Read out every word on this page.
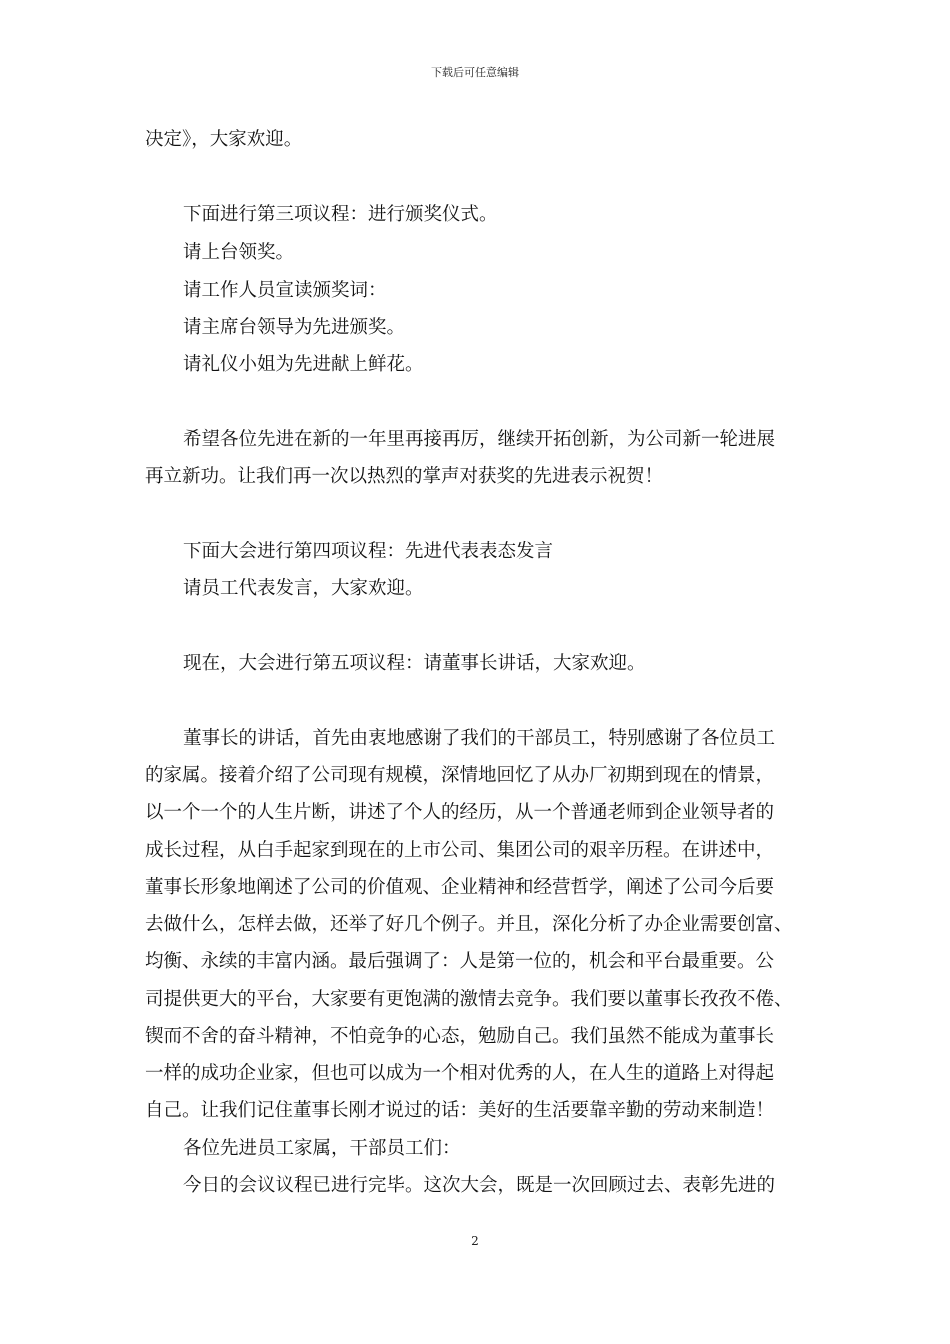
下载后可任意编辑
决定》，大家欢迎。
下面进行第三项议程：进行颁奖仪式。
请上台领奖。
请工作人员宣读颁奖词：
请主席台领导为先进颁奖。
请礼仪小姐为先进献上鲜花。
希望各位先进在新的一年里再接再厉，继续开拓创新，为公司新一轮进展
再立新功。让我们再一次以热烈的掌声对获奖的先进表示祝贺！
下面大会进行第四项议程：先进代表表态发言
请员工代表发言，大家欢迎。
现在，大会进行第五项议程：请董事长讲话，大家欢迎。
董事长的讲话，首先由衷地感谢了我们的干部员工，特别感谢了各位员工
的家属。接着介绍了公司现有规模，深情地回忆了从办厂初期到现在的情景，
以一个一个的人生片断，讲述了个人的经历，从一个普通老师到企业领导者的
成长过程，从白手起家到现在的上市公司、集团公司的艰辛历程。在讲述中，
董事长形象地阐述了公司的价值观、企业精神和经营哲学，阐述了公司今后要
去做什么，怎样去做，还举了好几个例子。并且，深化分析了办企业需要创富、
均衡、永续的丰富内涵。最后强调了：人是第一位的，机会和平台最重要。公
司提供更大的平台，大家要有更饱满的激情去竞争。我们要以董事长孜孜不倦、
锲而不舍的奋斗精神，不怕竞争的心态，勉励自己。我们虽然不能成为董事长
一样的成功企业家，但也可以成为一个相对优秀的人，在人生的道路上对得起
自己。让我们记住董事长刚才说过的话：美好的生活要靠辛勤的劳动来制造！
各位先进员工家属，干部员工们：
今日的会议议程已进行完毕。这次大会，既是一次回顾过去、表彰先进的
2
